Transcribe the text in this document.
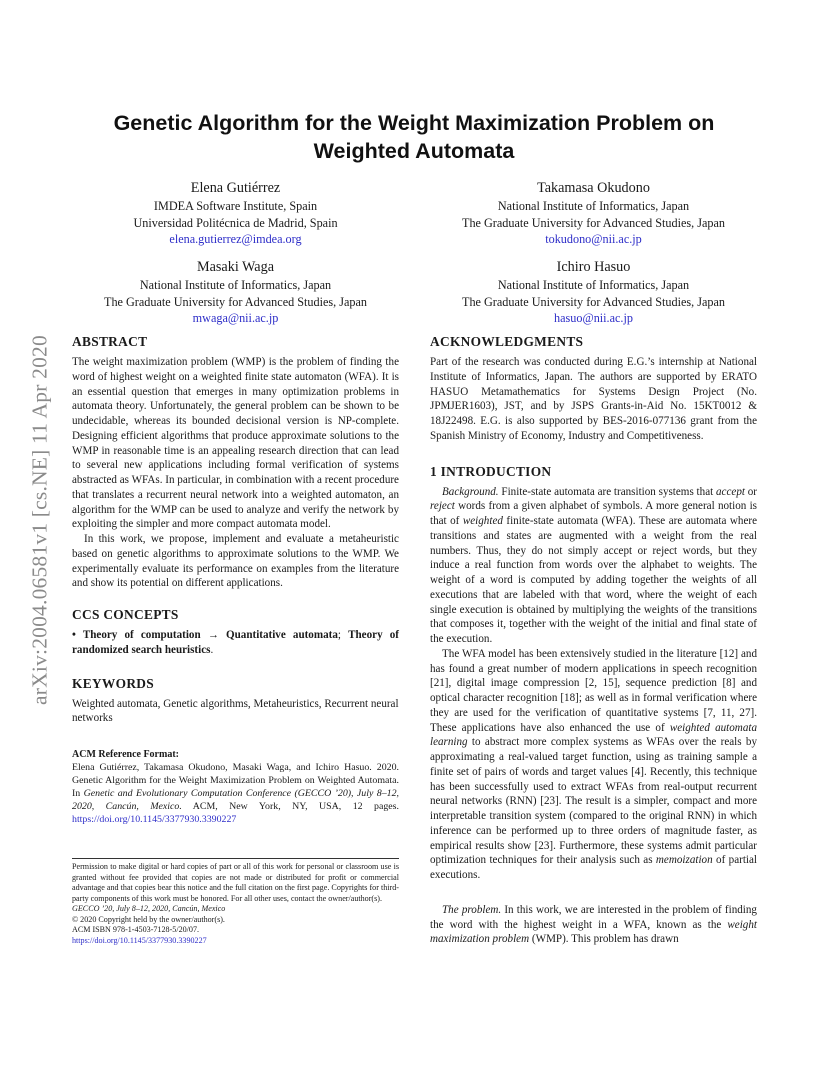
arXiv:2004.06581v1 [cs.NE] 11 Apr 2020
Genetic Algorithm for the Weight Maximization Problem on Weighted Automata
Elena Gutiérrez
IMDEA Software Institute, Spain
Universidad Politécnica de Madrid, Spain
elena.gutierrez@imdea.org
Takamasa Okudono
National Institute of Informatics, Japan
The Graduate University for Advanced Studies, Japan
tokudono@nii.ac.jp
Masaki Waga
National Institute of Informatics, Japan
The Graduate University for Advanced Studies, Japan
mwaga@nii.ac.jp
Ichiro Hasuo
National Institute of Informatics, Japan
The Graduate University for Advanced Studies, Japan
hasuo@nii.ac.jp
ABSTRACT

The weight maximization problem (WMP) is the problem of finding the word of highest weight on a weighted finite state automaton (WFA). It is an essential question that emerges in many optimization problems in automata theory. Unfortunately, the general problem can be shown to be undecidable, whereas its bounded decisional version is NP-complete. Designing efficient algorithms that produce approximate solutions to the WMP in reasonable time is an appealing research direction that can lead to several new applications including formal verification of systems abstracted as WFAs. In particular, in combination with a recent procedure that translates a recurrent neural network into a weighted automaton, an algorithm for the WMP can be used to analyze and verify the network by exploiting the simpler and more compact automata model.

In this work, we propose, implement and evaluate a metaheuristic based on genetic algorithms to approximate solutions to the WMP. We experimentally evaluate its performance on examples from the literature and show its potential on different applications.

CCS CONCEPTS

• Theory of computation → Quantitative automata; Theory of randomized search heuristics.

KEYWORDS

Weighted automata, Genetic algorithms, Metaheuristics, Recurrent neural networks

ACM Reference Format:
Elena Gutiérrez, Takamasa Okudono, Masaki Waga, and Ichiro Hasuo. 2020. Genetic Algorithm for the Weight Maximization Problem on Weighted Automata. In Genetic and Evolutionary Computation Conference (GECCO ’20), July 8–12, 2020, Cancún, Mexico. ACM, New York, NY, USA, 12 pages. https://doi.org/10.1145/3377930.3390227
Permission to make digital or hard copies of part or all of this work for personal or classroom use is granted without fee provided that copies are not made or distributed for profit or commercial advantage and that copies bear this notice and the full citation on the first page. Copyrights for third-party components of this work must be honored. For all other uses, contact the owner/author(s).
GECCO ’20, July 8–12, 2020, Cancún, Mexico
© 2020 Copyright held by the owner/author(s).
ACM ISBN 978-1-4503-7128-5/20/07.
https://doi.org/10.1145/3377930.3390227
ACKNOWLEDGMENTS

Part of the research was conducted during E.G.’s internship at National Institute of Informatics, Japan. The authors are supported by ERATO HASUO Metamathematics for Systems Design Project (No. JPMJER1603), JST, and by JSPS Grants-in-Aid No. 15KT0012 & 18J22498. E.G. is also supported by BES-2016-077136 grant from the Spanish Ministry of Economy, Industry and Competitiveness.

1 INTRODUCTION

Background. Finite-state automata are transition systems that accept or reject words from a given alphabet of symbols. A more general notion is that of weighted finite-state automata (WFA). These are automata where transitions and states are augmented with a weight from the real numbers. Thus, they do not simply accept or reject words, but they induce a real function from words over the alphabet to weights. The weight of a word is computed by adding together the weights of all executions that are labeled with that word, where the weight of each single execution is obtained by multiplying the weights of the transitions that composes it, together with the weight of the initial and final state of the execution.

The WFA model has been extensively studied in the literature [12] and has found a great number of modern applications in speech recognition [21], digital image compression [2, 15], sequence prediction [8] and optical character recognition [18]; as well as in formal verification where they are used for the verification of quantitative systems [7, 11, 27]. These applications have also enhanced the use of weighted automata learning to abstract more complex systems as WFAs over the reals by approximating a real-valued target function, using as training sample a finite set of pairs of words and target values [4]. Recently, this technique has been successfully used to extract WFAs from real-output recurrent neural networks (RNN) [23]. The result is a simpler, compact and more interpretable transition system (compared to the original RNN) in which inference can be performed up to three orders of magnitude faster, as empirical results show [23]. Furthermore, these systems admit particular optimization techniques for their analysis such as memoization of partial executions.

The problem. In this work, we are interested in the problem of finding the word with the highest weight in a WFA, known as the weight maximization problem (WMP). This problem has drawn
